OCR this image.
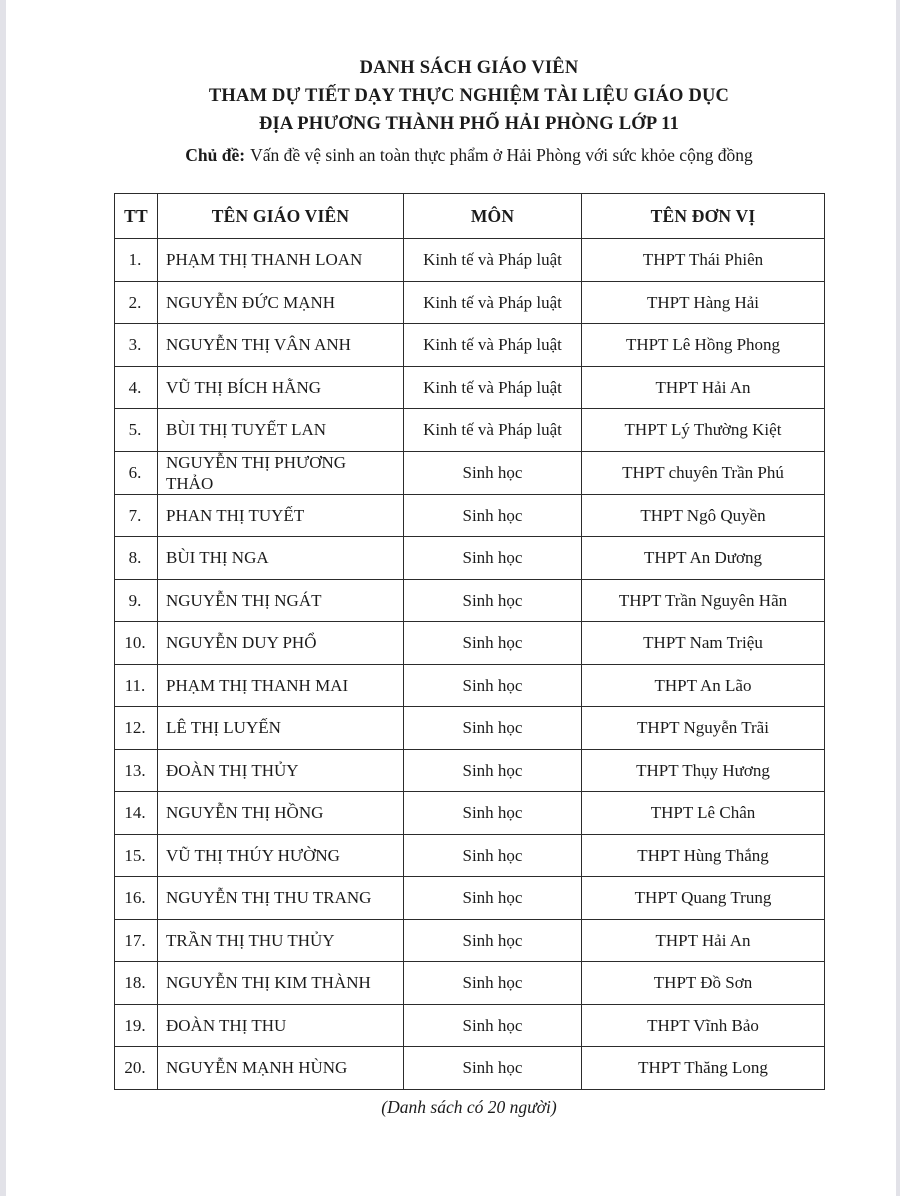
DANH SÁCH GIÁO VIÊN
THAM DỰ TIẾT DẠY THỰC NGHIỆM TÀI LIỆU GIÁO DỤC
ĐỊA PHƯƠNG THÀNH PHỐ HẢI PHÒNG LỚP 11
Chủ đề: Vấn đề vệ sinh an toàn thực phẩm ở Hải Phòng với sức khỏe cộng đồng
TT	TÊN GIÁO VIÊN	MÔN	TÊN ĐƠN VỊ
1.	PHẠM THỊ THANH LOAN	Kinh tế và Pháp luật	THPT Thái Phiên
2.	NGUYỄN ĐỨC MẠNH	Kinh tế và Pháp luật	THPT Hàng Hải
3.	NGUYỄN THỊ VÂN ANH	Kinh tế và Pháp luật	THPT Lê Hồng Phong
4.	VŨ THỊ BÍCH HẰNG	Kinh tế và Pháp luật	THPT Hải An
5.	BÙI THỊ TUYẾT LAN	Kinh tế và Pháp luật	THPT Lý Thường Kiệt
6.	NGUYỄN THỊ PHƯƠNG THẢO	Sinh học	THPT chuyên Trần Phú
7.	PHAN THỊ TUYẾT	Sinh học	THPT Ngô Quyền
8.	BÙI THỊ NGA	Sinh học	THPT An Dương
9.	NGUYỄN THỊ NGÁT	Sinh học	THPT Trần Nguyên Hãn
10.	NGUYỄN DUY PHỔ	Sinh học	THPT Nam Triệu
11.	PHẠM THỊ THANH MAI	Sinh học	THPT An Lão
12.	LÊ THỊ LUYẾN	Sinh học	THPT Nguyễn Trãi
13.	ĐOÀN THỊ THỦY	Sinh học	THPT Thụy Hương
14.	NGUYỄN THỊ HỒNG	Sinh học	THPT Lê Chân
15.	VŨ THỊ THÚY HƯỜNG	Sinh học	THPT Hùng Thắng
16.	NGUYỄN THỊ THU TRANG	Sinh học	THPT Quang Trung
17.	TRẦN THỊ THU THỦY	Sinh học	THPT Hải An
18.	NGUYỄN THỊ KIM THÀNH	Sinh học	THPT Đồ Sơn
19.	ĐOÀN THỊ THU	Sinh học	THPT Vĩnh Bảo
20.	NGUYỄN MẠNH HÙNG	Sinh học	THPT Thăng Long
(Danh sách có 20 người)
